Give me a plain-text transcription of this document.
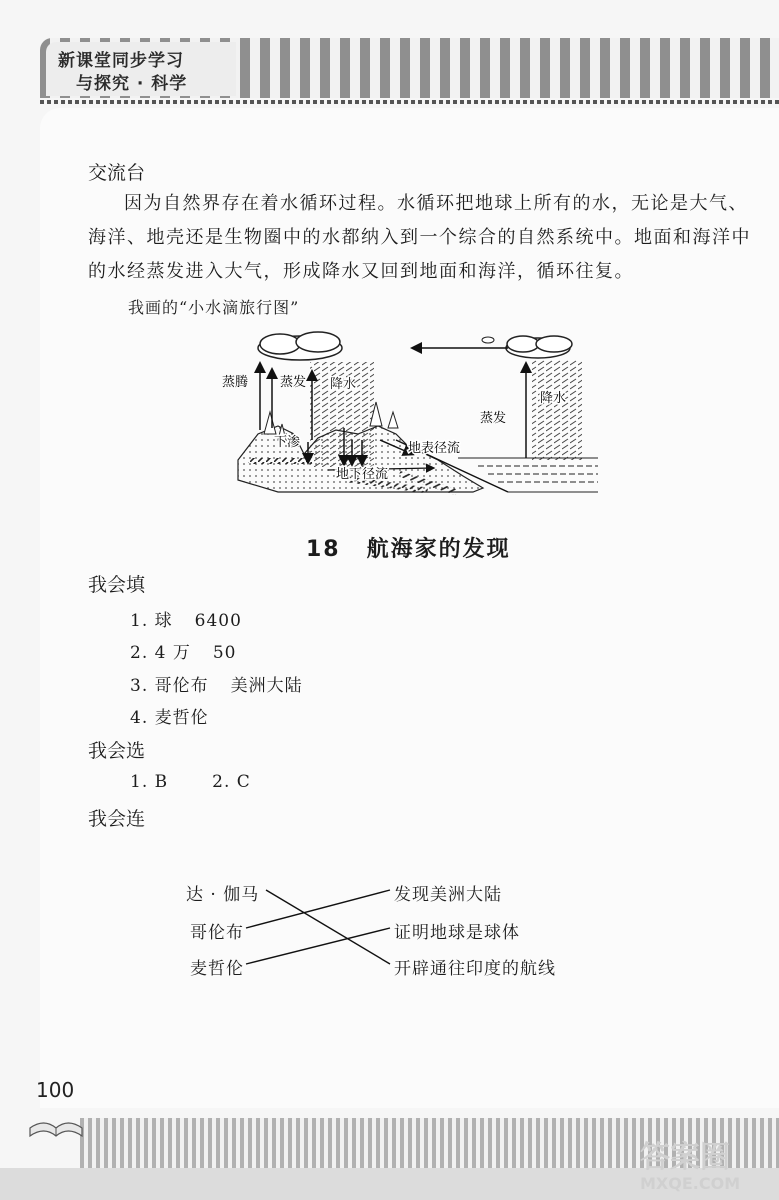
新课堂同步学习
与探究 · 科学
交流台

因为自然界存在着水循环过程。水循环把地球上所有的水，无论是大气、

海洋、地壳还是生物圈中的水都纳入到一个综合的自然系统中。地面和海洋中

的水经蒸发进入大气，形成降水又回到地面和海洋，循环往复。

我画的“小水滴旅行图”
蒸腾 蒸发 降水
下渗	地表径流
蒸发
降水
地下径流
18 航海家的发现
我会填
1. 球 6400
2. 4 万 50
3. 哥伦布 美洲大陆
4. 麦哲伦
我会选
1. B	2. C
我会连
达 · 伽马
哥伦布
麦哲伦
发现美洲大陆
证明地球是球体
开辟通往印度的航线
100
答案圈
MXQE.COM
